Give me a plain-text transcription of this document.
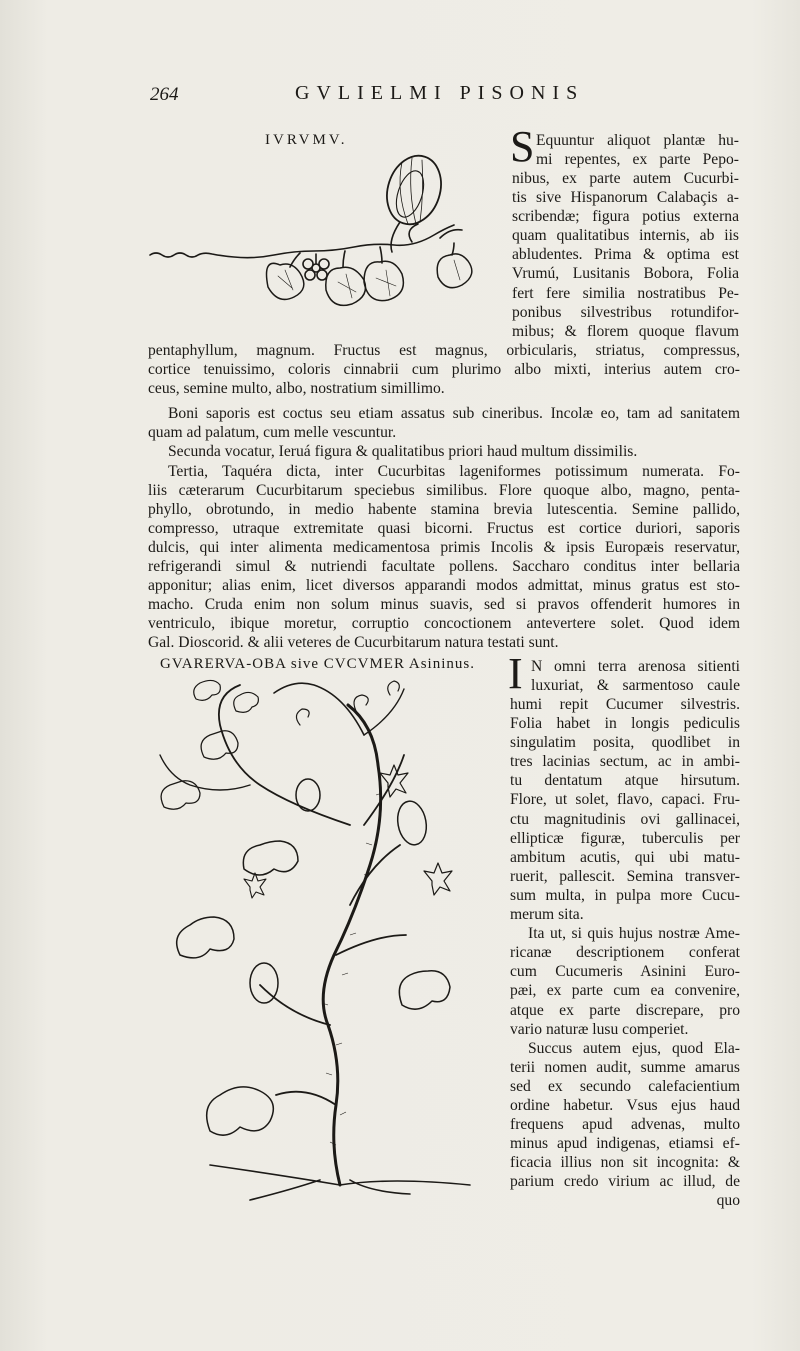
264	GVLIELMI PISONIS
IVRVMV.	S Equuntur aliquot plantæ hu-
mi repentes, ex parte Pepo-
nibus, ex parte autem Cucurbi-
tis sive Hispanorum Calabaçis a-
scribendæ; figura potius externa
quam qualitatibus internis, ab iis
abludentes. Prima & optima est
Vrumú, Lusitanis Bobora, Folia
fert fere similia nostratibus Pe-
ponibus silvestribus rotundifor-
mibus; & florem quoque flavum
pentaphyllum, magnum. Fructus est magnus, orbicularis, striatus, compressus,
cortice tenuissimo, coloris cinnabrii cum plurimo albo mixti, interius autem cro-
ceus, semine multo, albo, nostratium simillimo.
Boni saporis est coctus seu etiam assatus sub cineribus. Incolæ eo, tam ad sanitatem
quam ad palatum, cum melle vescuntur.
Secunda vocatur, Ieruá figura & qualitatibus priori haud multum dissimilis.
Tertia, Taquéra dicta, inter Cucurbitas lageniformes potissimum numerata. Fo-
liis cæterarum Cucurbitarum speciebus similibus. Flore quoque albo, magno, penta-
phyllo, obrotundo, in medio habente stamina brevia lutescentia. Semine pallido,
compresso, utraque extremitate quasi bicorni. Fructus est cortice duriori, saporis
dulcis, qui inter alimenta medicamentosa primis Incolis & ipsis Europæis reservatur,
refrigerandi simul & nutriendi facultate pollens. Saccharo conditus inter bellaria
apponitur; alias enim, licet diversos apparandi modos admittat, minus gratus est sto-
macho. Cruda enim non solum minus suavis, sed si pravos offenderit humores in
ventriculo, ibique moretur, corruptio concoctionem antevertere solet. Quod idem
Gal. Dioscorid. & alii veteres de Cucurbitarum natura testati sunt.
GVARERVA-OBA sive CVCVMER Asininus. I N omni terra arenosa sitienti
luxuriat, & sarmentoso caule
humi repit Cucumer silvestris.
Folia habet in longis pediculis
singulatim posita, quodlibet in
tres lacinias sectum, ac in ambi-
tu dentatum atque hirsutum.
Flore, ut solet, flavo, capaci. Fru-
ctu magnitudinis ovi gallinacei,
ellipticæ figuræ, tuberculis per
ambitum acutis, qui ubi matu-
ruerit, pallescit. Semina transver-
sum multa, in pulpa more Cucu-
merum sita.
Ita ut, si quis hujus nostræ Ame-
ricanæ descriptionem conferat
cum Cucumeris Asinini Euro-
pæi, ex parte cum ea convenire,
atque ex parte discrepare, pro
vario naturæ lusu comperiet.
Succus autem ejus, quod Ela-
terii nomen audit, summe amarus
sed ex secundo calefacientium
ordine habetur. Vsus ejus haud
frequens apud advenas, multo
minus apud indigenas, etiamsi ef-
ficacia illius non sit incognita: &
parium credo virium ac illud, de
quo
